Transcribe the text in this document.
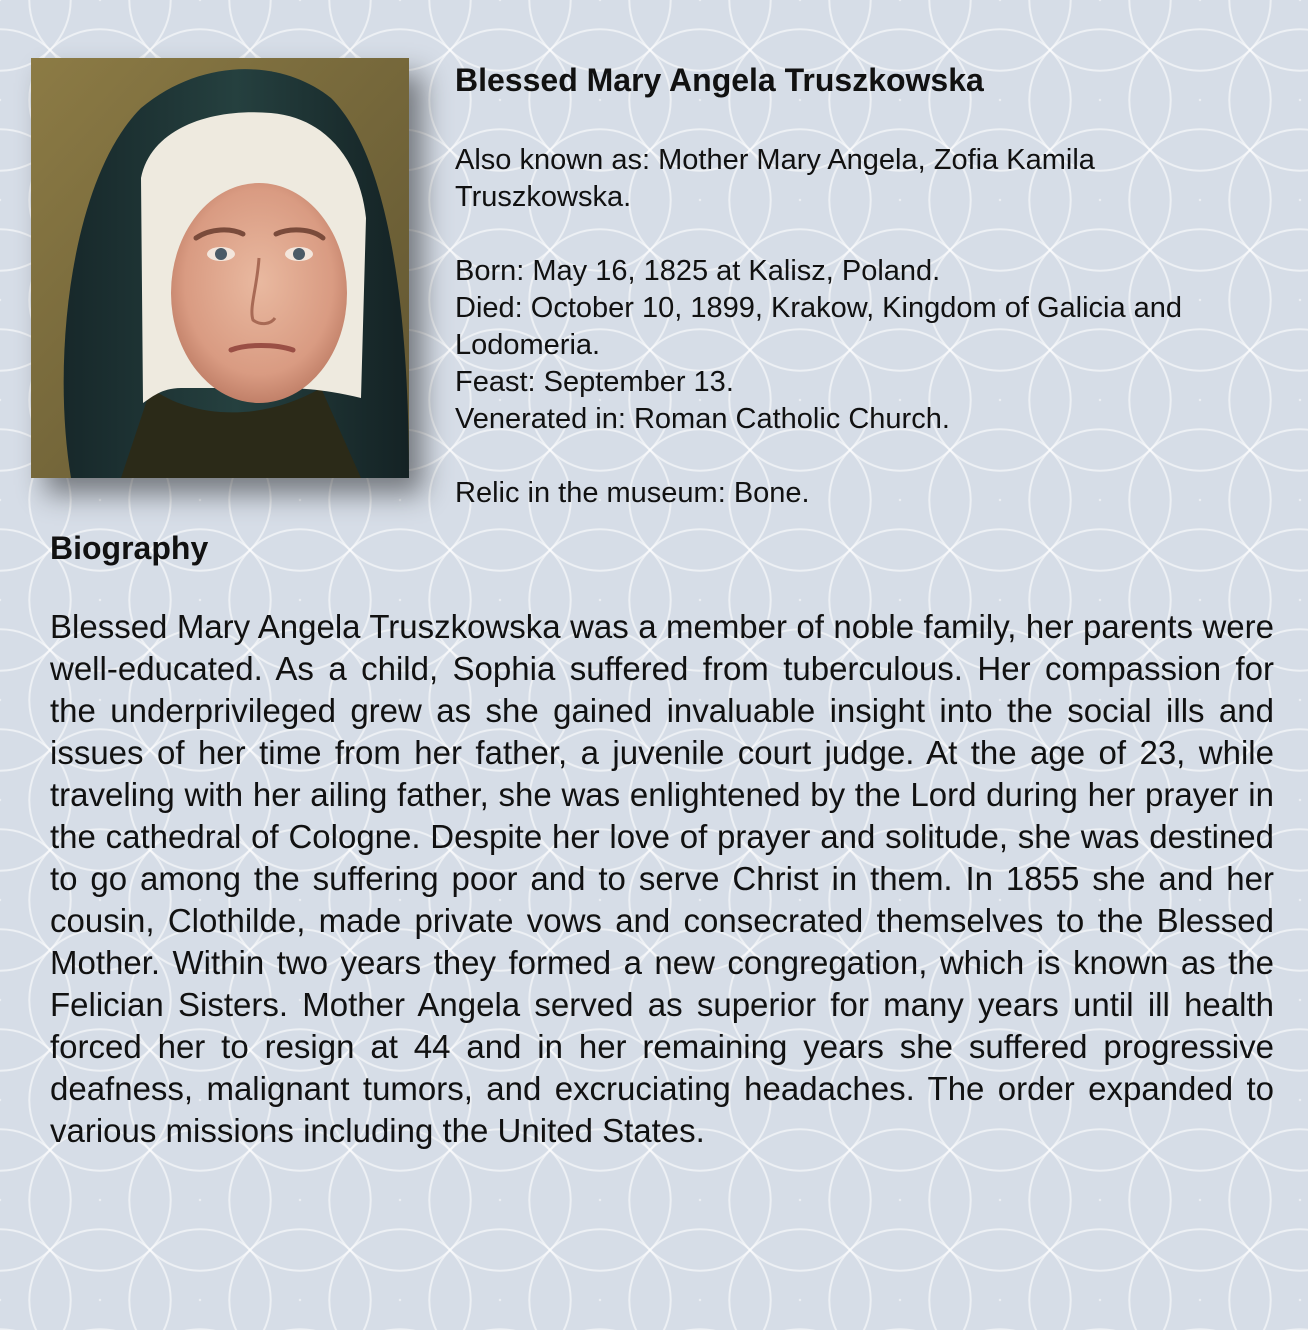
Blessed Mary Angela Truszkowska

Also known as: Mother Mary Angela, Zofia Kamila Truszkowska.

Born: May 16, 1825 at Kalisz, Poland.

Died: October 10, 1899, Krakow, Kingdom of Galicia and Lodomeria.

Feast: September 13.

Venerated in: Roman Catholic Church.

Relic in the museum: Bone.

Biography

Blessed Mary Angela Truszkowska was a member of noble family, her parents were well-educated. As a child, Sophia suffered from tuberculous. Her compassion for the underprivileged grew as she gained invaluable insight into the social ills and issues of her time from her father, a juvenile court judge. At the age of 23, while traveling with her ailing father, she was enlightened by the Lord during her prayer in the cathedral of Cologne. Despite her love of prayer and solitude, she was destined to go among the suffering poor and to serve Christ in them. In 1855 she and her cousin, Clothilde, made private vows and consecrated themselves to the Blessed Mother. Within two years they formed a new congregation, which is known as the Felician Sisters. Mother Angela served as superior for many years until ill health forced her to resign at 44 and in her remaining years she suffered progressive deafness, malignant tumors, and excruciating headaches. The order expanded to various missions including the United States.
